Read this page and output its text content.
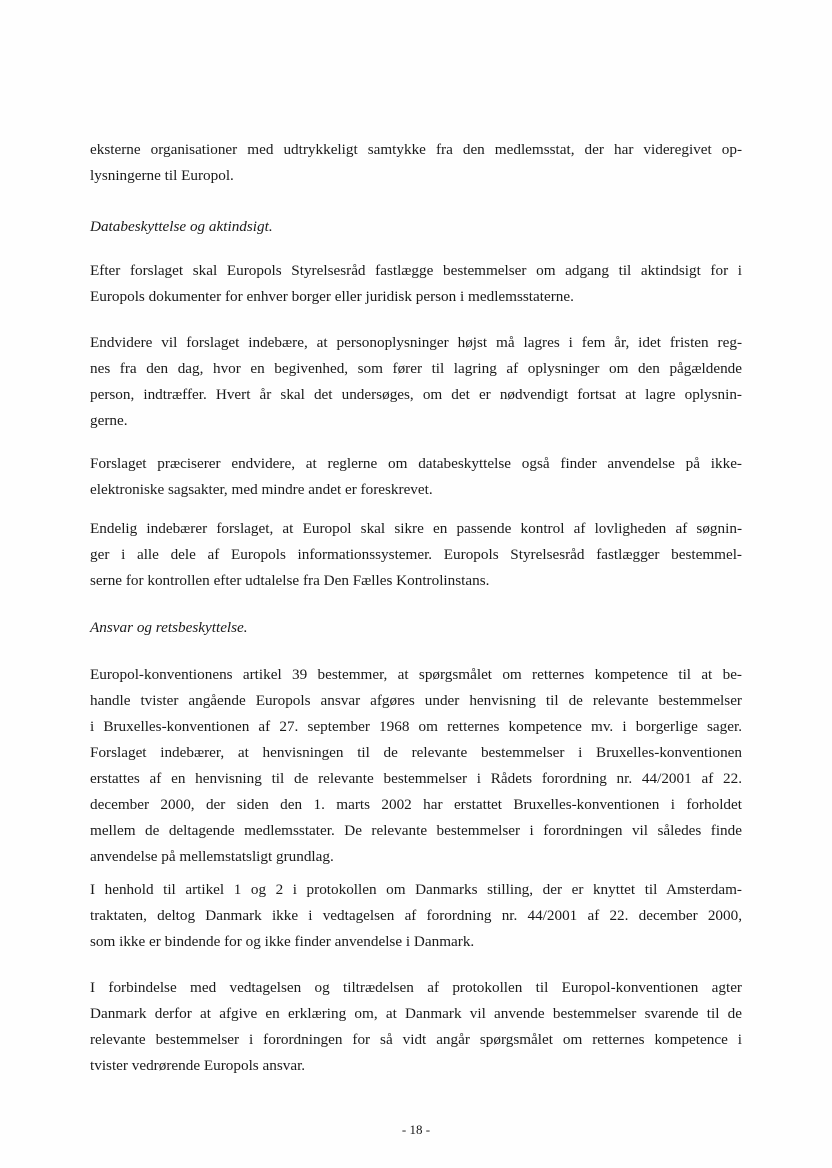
eksterne organisationer med udtrykkeligt samtykke fra den medlemsstat, der har videregivet op-
lysningerne til Europol.

Databeskyttelse og aktindsigt.

Efter forslaget skal Europols Styrelsesråd fastlægge bestemmelser om adgang til aktindsigt for i
Europols dokumenter for enhver borger eller juridisk person i medlemsstaterne.

Endvidere vil forslaget indebære, at personoplysninger højst må lagres i fem år, idet fristen reg-
nes fra den dag, hvor en begivenhed, som fører til lagring af oplysninger om den pågældende
person, indtræffer. Hvert år skal det undersøges, om det er nødvendigt fortsat at lagre oplysnin-
gerne.

Forslaget præciserer endvidere, at reglerne om databeskyttelse også finder anvendelse på ikke-
elektroniske sagsakter, med mindre andet er foreskrevet.

Endelig indebærer forslaget, at Europol skal sikre en passende kontrol af lovligheden af søgnin-
ger i alle dele af Europols informationssystemer. Europols Styrelsesråd fastlægger bestemmel-
serne for kontrollen efter udtalelse fra Den Fælles Kontrolinstans.

Ansvar og retsbeskyttelse.

Europol-konventionens artikel 39 bestemmer, at spørgsmålet om retternes kompetence til at be-
handle tvister angående Europols ansvar afgøres under henvisning til de relevante bestemmelser
i Bruxelles-konventionen af 27. september 1968 om retternes kompetence mv. i borgerlige sager.
Forslaget indebærer, at henvisningen til de relevante bestemmelser i Bruxelles-konventionen
erstattes af en henvisning til de relevante bestemmelser i Rådets forordning nr. 44/2001 af 22.
december 2000, der siden den 1. marts 2002 har erstattet Bruxelles-konventionen i forholdet
mellem de deltagende medlemsstater. De relevante bestemmelser i forordningen vil således finde
anvendelse på mellemstatsligt grundlag.

I henhold til artikel 1 og 2 i protokollen om Danmarks stilling, der er knyttet til Amsterdam-
traktaten, deltog Danmark ikke i vedtagelsen af forordning nr. 44/2001 af 22. december 2000,
som ikke er bindende for og ikke finder anvendelse i Danmark.

I forbindelse med vedtagelsen og tiltrædelsen af protokollen til Europol-konventionen agter
Danmark derfor at afgive en erklæring om, at Danmark vil anvende bestemmelser svarende til de
relevante bestemmelser i forordningen for så vidt angår spørgsmålet om retternes kompetence i
tvister vedrørende Europols ansvar.

- 18 -
